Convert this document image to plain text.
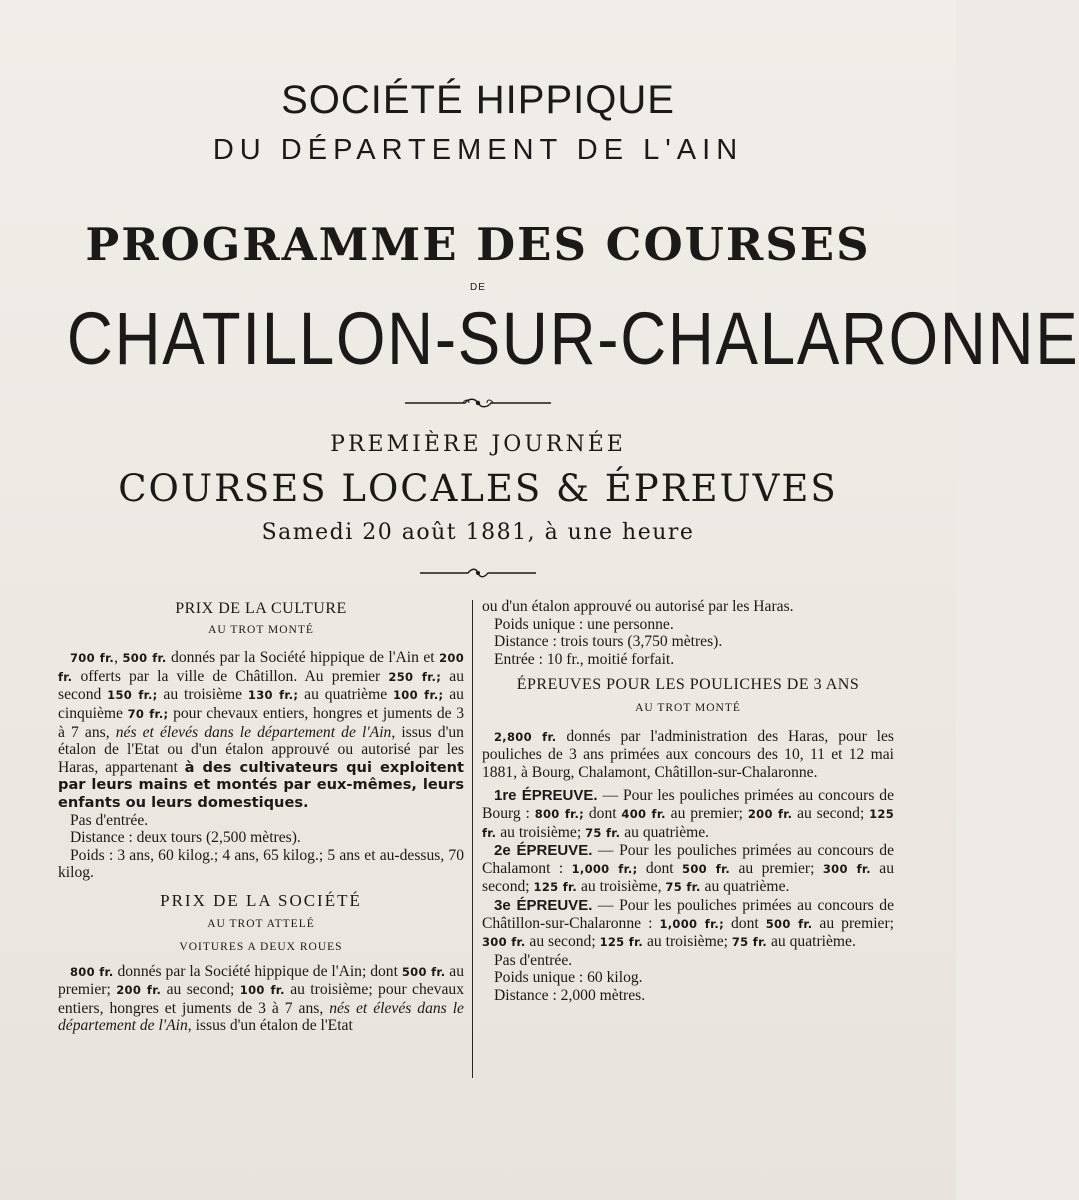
SOCIÉTÉ HIPPIQUE
DU DÉPARTEMENT DE L'AIN
PROGRAMME DES COURSES
DE
CHATILLON-SUR-CHALARONNE
PREMIÈRE JOURNÉE
COURSES LOCALES & ÉPREUVES
Samedi 20 août 1881, à une heure
PRIX DE LA CULTURE
AU TROT MONTÉ

700 fr., 500 fr. donnés par la Société hippique de l'Ain et 200 fr. offerts par la ville de Châtillon. Au premier 250 fr.; au second 150 fr.; au troisième 130 fr.; au quatrième 100 fr.; au cinquième 70 fr.; pour chevaux entiers, hongres et juments de 3 à 7 ans, nés et élevés dans le département de l'Ain, issus d'un étalon de l'Etat ou d'un étalon approuvé ou autorisé par les Haras, appartenant à des cultivateurs qui exploitent par leurs mains et montés par eux-mêmes, leurs enfants ou leurs domestiques.

Pas d'entrée.

Distance : deux tours (2,500 mètres).

Poids : 3 ans, 60 kilog.; 4 ans, 65 kilog.; 5 ans et au-dessus, 70 kilog.

PRIX DE LA SOCIÉTÉ
AU TROT ATTELÉ
VOITURES A DEUX ROUES

800 fr. donnés par la Société hippique de l'Ain; dont 500 fr. au premier; 200 fr. au second; 100 fr. au troisième; pour chevaux entiers, hongres et juments de 3 à 7 ans, nés et élevés dans le département de l'Ain, issus d'un étalon de l'Etat

ou d'un étalon approuvé ou autorisé par les Haras.

Poids unique : une personne.

Distance : trois tours (3,750 mètres).

Entrée : 10 fr., moitié forfait.

ÉPREUVES POUR LES POULICHES DE 3 ANS
AU TROT MONTÉ

2,800 fr. donnés par l'administration des Haras, pour les pouliches de 3 ans primées aux concours des 10, 11 et 12 mai 1881, à Bourg, Chalamont, Châtillon-sur-Chalaronne.

1re ÉPREUVE. — Pour les pouliches primées au concours de Bourg : 800 fr.; dont 400 fr. au premier; 200 fr. au second; 125 fr. au troisième; 75 fr. au quatrième.

2e ÉPREUVE. — Pour les pouliches primées au concours de Chalamont : 1,000 fr.; dont 500 fr. au premier; 300 fr. au second; 125 fr. au troisième, 75 fr. au quatrième.

3e ÉPREUVE. — Pour les pouliches primées au concours de Châtillon-sur-Chalaronne : 1,000 fr.; dont 500 fr. au premier; 300 fr. au second; 125 fr. au troisième; 75 fr. au quatrième.

Pas d'entrée.

Poids unique : 60 kilog.

Distance : 2,000 mètres.
